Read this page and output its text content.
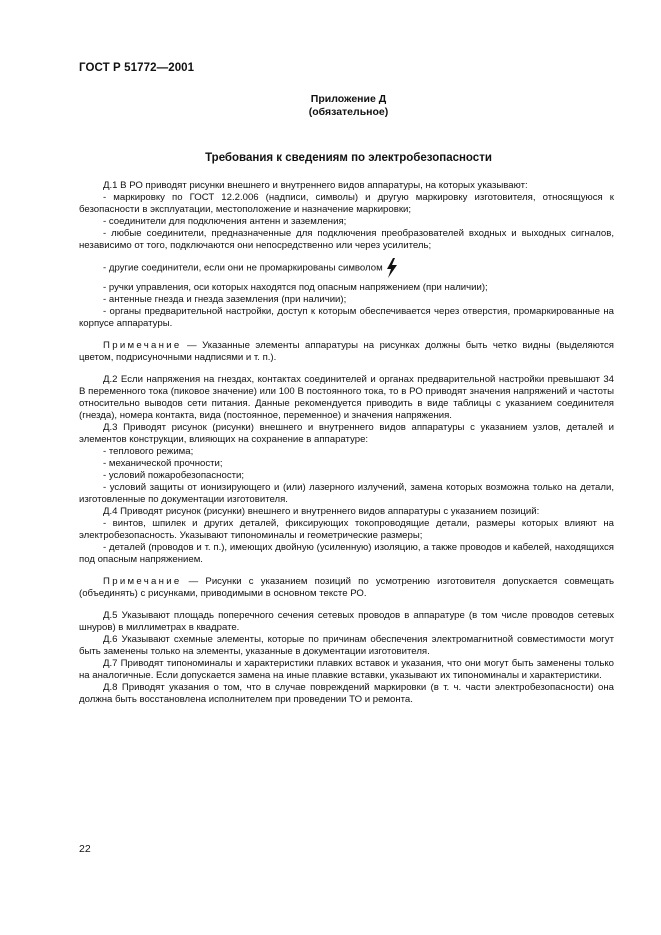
ГОСТ Р 51772—2001
Приложение Д
(обязательное)
Требования к сведениям по электробезопасности

Д.1 В РО приводят рисунки внешнего и внутреннего видов аппаратуры, на которых указывают:

- маркировку по ГОСТ 12.2.006 (надписи, символы) и другую маркировку изготовителя, относящуюся к безопасности в эксплуатации, местоположение и назначение маркировки;

- соединители для подключения антенн и заземления;

- любые соединители, предназначенные для подключения преобразователей входных и выходных сигналов, независимо от того, подключаются они непосредственно или через усилитель;

- другие соединители, если они не промаркированы символом

- ручки управления, оси которых находятся под опасным напряжением (при наличии);

- антенные гнезда и гнезда заземления (при наличии);

- органы предварительной настройки, доступ к которым обеспечивается через отверстия, промаркированные на корпусе аппаратуры.

Примечание — Указанные элементы аппаратуры на рисунках должны быть четко видны (выделяются цветом, подрисуночными надписями и т. п.).

Д.2 Если напряжения на гнездах, контактах соединителей и органах предварительной настройки превышают 34 В переменного тока (пиковое значение) или 100 В постоянного тока, то в РО приводят значения напряжений и частоты относительно выводов сети питания. Данные рекомендуется приводить в виде таблицы с указанием соединителя (гнезда), номера контакта, вида (постоянное, переменное) и значения напряжения.

Д.3 Приводят рисунок (рисунки) внешнего и внутреннего видов аппаратуры с указанием узлов, деталей и элементов конструкции, влияющих на сохранение в аппаратуре:

- теплового режима;

- механической прочности;

- условий пожаробезопасности;

- условий защиты от ионизирующего и (или) лазерного излучений, замена которых возможна только на детали, изготовленные по документации изготовителя.

Д.4 Приводят рисунок (рисунки) внешнего и внутреннего видов аппаратуры с указанием позиций:

- винтов, шпилек и других деталей, фиксирующих токопроводящие детали, размеры которых влияют на электробезопасность. Указывают типономиналы и геометрические размеры;

- деталей (проводов и т. п.), имеющих двойную (усиленную) изоляцию, а также проводов и кабелей, находящихся под опасным напряжением.

Примечание — Рисунки с указанием позиций по усмотрению изготовителя допускается совмещать (объединять) с рисунками, приводимыми в основном тексте РО.

Д.5 Указывают площадь поперечного сечения сетевых проводов в аппаратуре (в том числе проводов сетевых шнуров) в миллиметрах в квадрате.

Д.6 Указывают схемные элементы, которые по причинам обеспечения электромагнитной совместимости могут быть заменены только на элементы, указанные в документации изготовителя.

Д.7 Приводят типономиналы и характеристики плавких вставок и указания, что они могут быть заменены только на аналогичные. Если допускается замена на иные плавкие вставки, указывают их типономиналы и характеристики.

Д.8 Приводят указания о том, что в случае повреждений маркировки (в т. ч. части электробезопасности) она должна быть восстановлена исполнителем при проведении ТО и ремонта.

22
